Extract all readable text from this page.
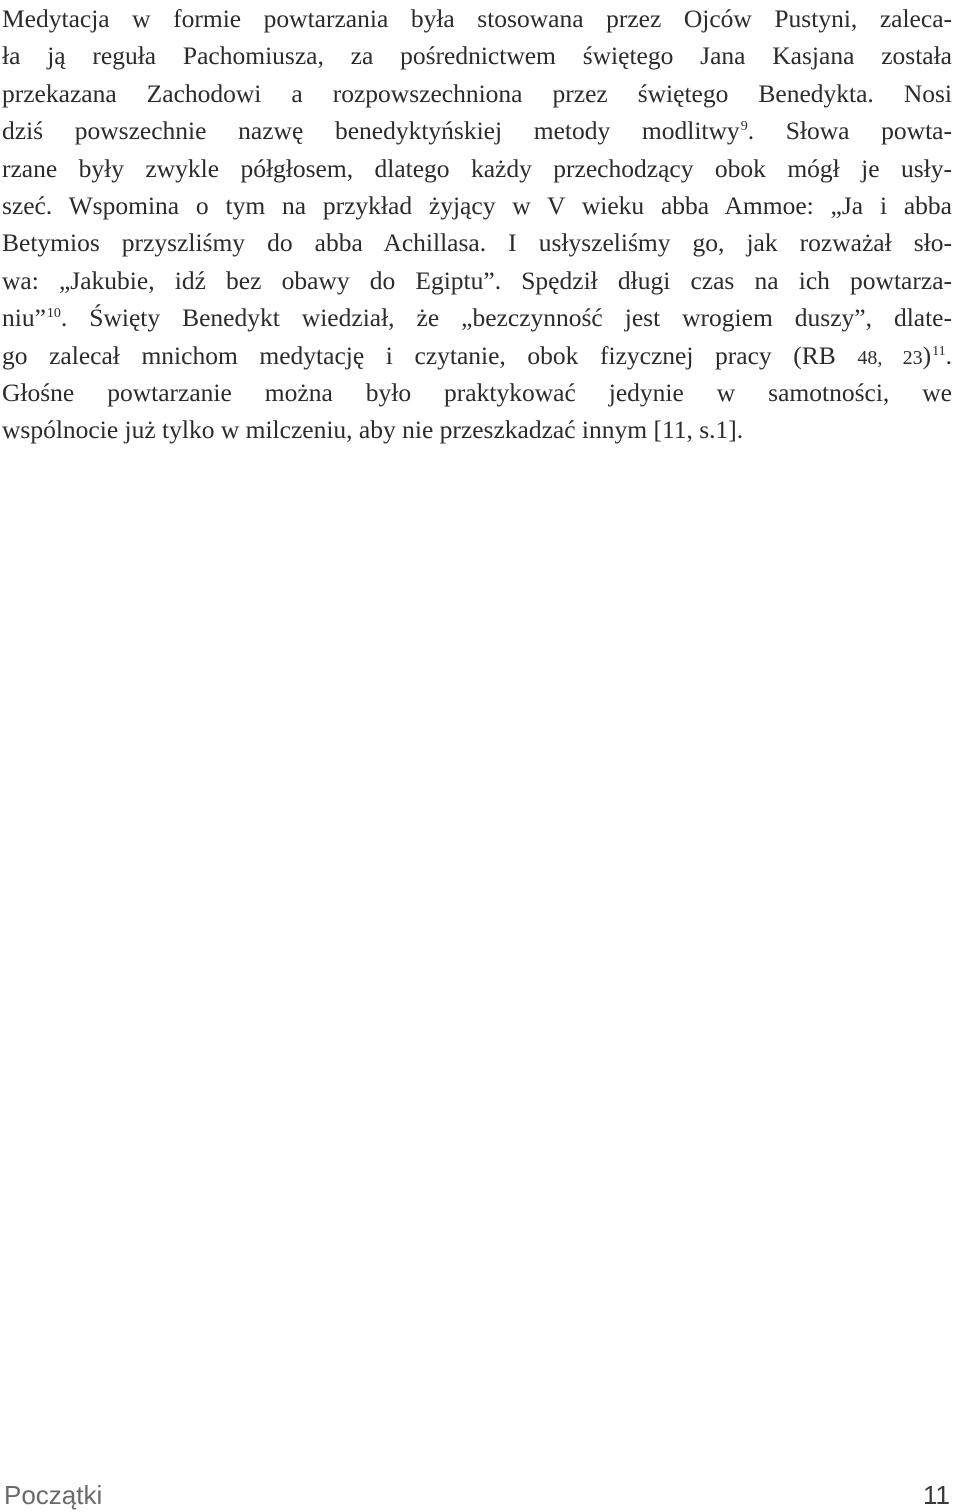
Medytacja w formie powtarzania była stosowana przez Ojców Pustyni, zaleca-
ła ją reguła Pachomiusza, za pośrednictwem świętego Jana Kasjana została
przekazana Zachodowi a rozpowszechniona przez świętego Benedykta. Nosi
dziś powszechnie nazwę benedyktyńskiej metody modlitwy$^9$. Słowa powta-
rzane były zwykle półgłosem, dlatego każdy przechodzący obok mógł je usły-
szeć. Wspomina o tym na przykład żyjący w V wieku abba Ammoe: „Ja i abba
Betymios przyszliśmy do abba Achillasa. I usłyszeliśmy go, jak rozważał sło-
wa: „Jakubie, idź bez obawy do Egiptu”. Spędził długi czas na ich powtarza-
niu”$^{10}$. Święty Benedykt wiedział, że „bezczynność jest wrogiem duszy”, dlate-
go zalecał mnichom medytację i czytanie, obok fizycznej pracy (RB 48, 23)$^{11}$.
Głośne powtarzanie można było praktykować jedynie w samotności, we
wspólnocie już tylko w milczeniu, aby nie przeszkadzać innym [11, s.1].
Początki	11
